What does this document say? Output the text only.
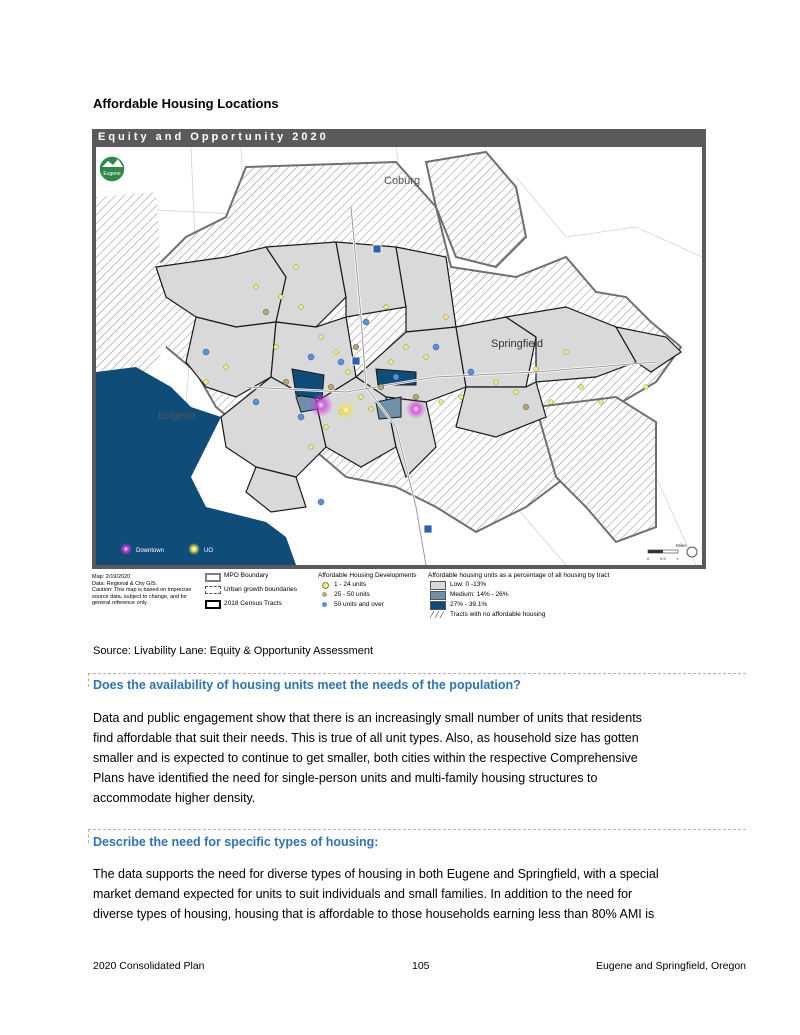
Affordable Housing Locations
Equity and Opportunity 2020
Eugene
Coburg
Springfield
Eugene
Downtown	UO
Miles
0	0.5	1
Map: 2/19/2020
Data: Regional & City GIS.
Caution: This map is based on imprecise
source data, subject to change, and for
general reference only.
MPO Boundary
Urban growth boundaries
2018 Census Tracts
Affordable Housing Developments
1 - 24 units
25 - 50 units
50 units and over
Affordable housing units as a percentage of all housing by tract
Low: 0 -13%
Medium: 14% - 26%
27% - 39.1%
Tracts with no affordable housing
Source: Livability Lane: Equity & Opportunity Assessment
Does the availability of housing units meet the needs of the population?
Data and public engagement show that there is an increasingly small number of units that residents
find affordable that suit their needs. This is true of all unit types. Also, as household size has gotten
smaller and is expected to continue to get smaller, both cities within the respective Comprehensive
Plans have identified the need for single-person units and multi-family housing structures to
accommodate higher density.
Describe the need for specific types of housing:
The data supports the need for diverse types of housing in both Eugene and Springfield, with a special
market demand expected for units to suit individuals and small families. In addition to the need for
diverse types of housing, housing that is affordable to those households earning less than 80% AMI is
2020 Consolidated Plan	105	Eugene and Springfield, Oregon
